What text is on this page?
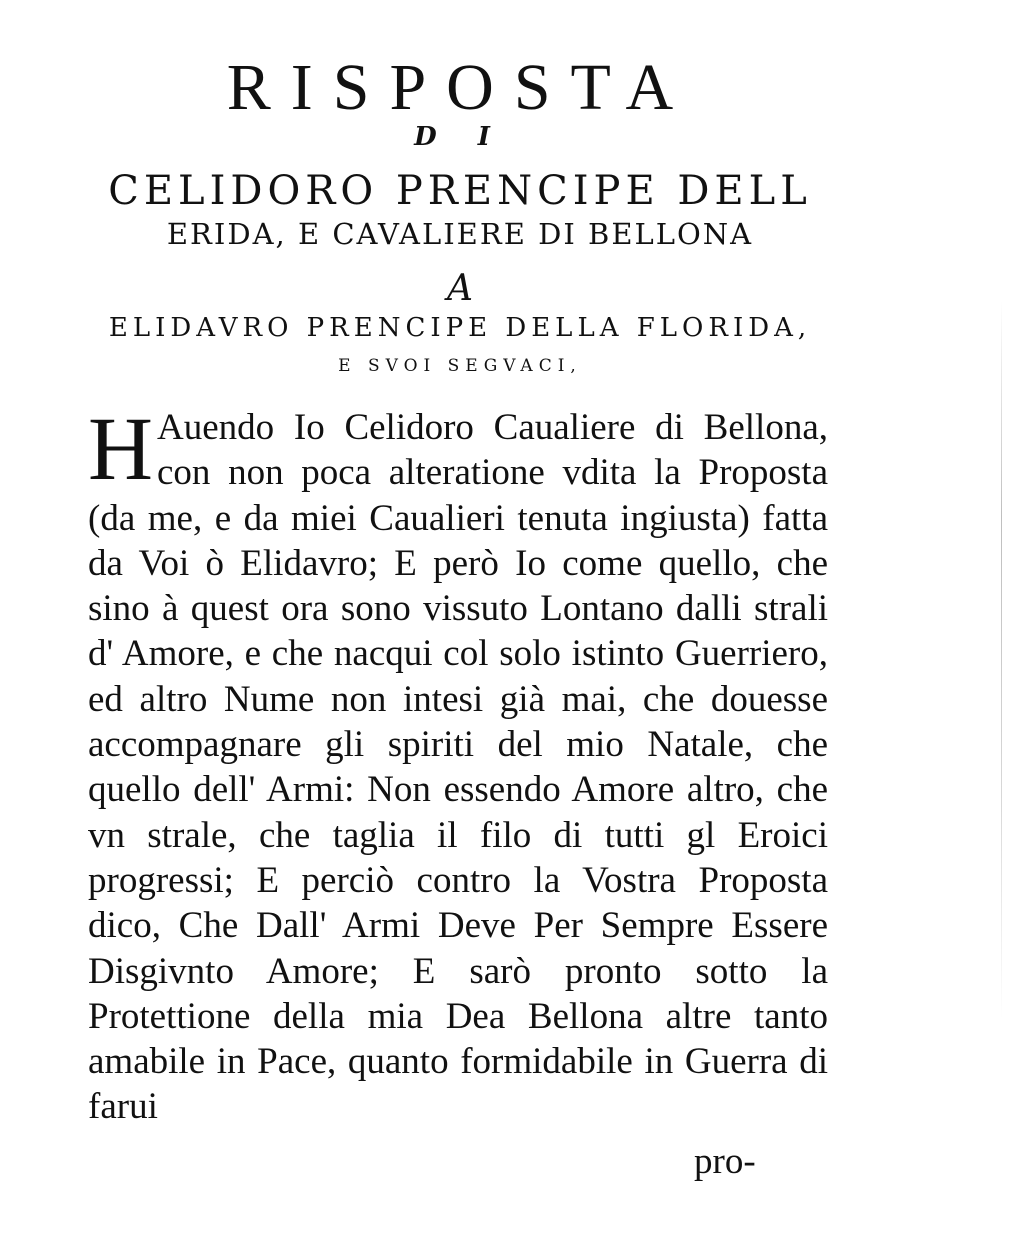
RISPOSTA
D I
CELIDORO PRENCIPE DELL
ERIDA, E CAVALIERE DI BELLONA
A
ELIDAVRO PRENCIPE DELLA FLORIDA,
E SVOI SEGVACI,
H Auendo Io Celidoro Caualiere di Bellona, con non poca alteratione vdita la Proposta (da me, e da miei Caualieri tenuta ingiusta) fatta da Voi ò Elidavro; E però Io come quello, che sino à quest ora sono vissuto Lontano dalli strali d' Amore, e che nacqui col solo istinto Guerriero, ed altro Nume non intesi già mai, che douesse accompagnare gli spiriti del mio Natale, che quello dell' Armi: Non essendo Amore altro, che vn strale, che taglia il filo di tutti gl Eroici progressi; E perciò contro la Vostra Proposta dico, Che Dall' Armi Deve Per Sempre Essere Disgivnto Amore; E sarò pronto sotto la Protettione della mia Dea Bellona altre tanto amabile in Pace, quanto formidabile in Guerra di farui
pro-
